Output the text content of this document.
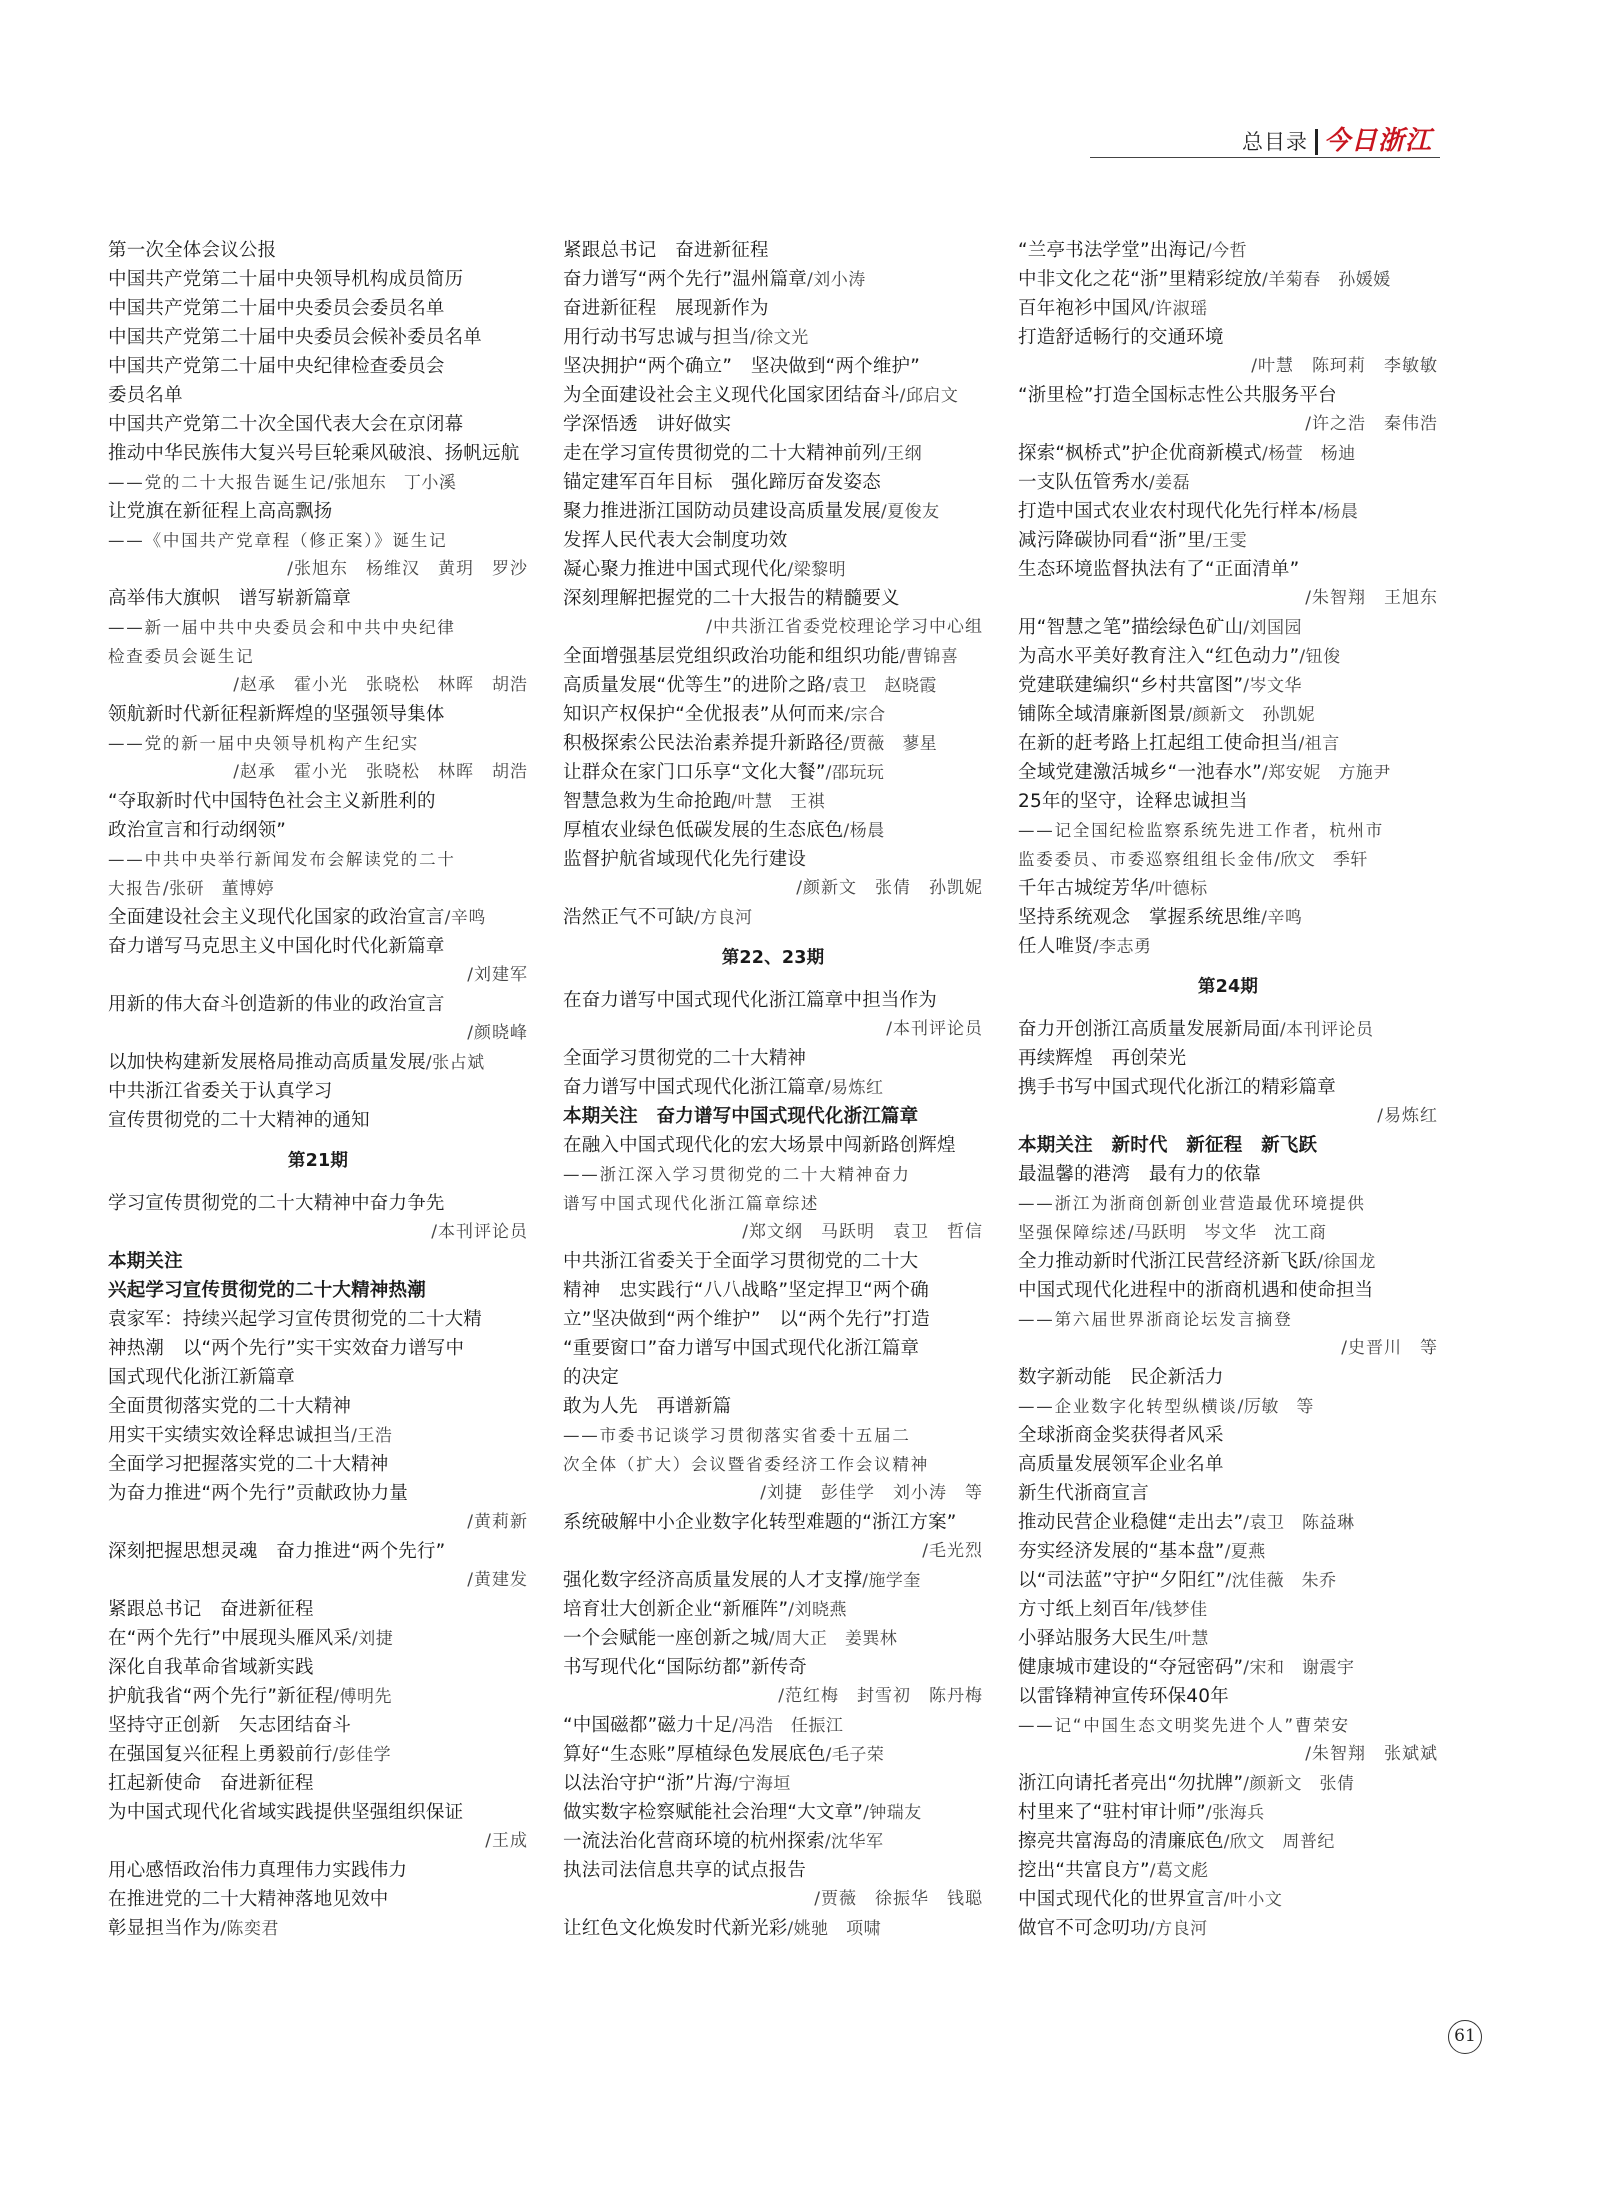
总目录 今日浙江
第一次全体会议公报
中国共产党第二十届中央领导机构成员简历
中国共产党第二十届中央委员会委员名单
中国共产党第二十届中央委员会候补委员名单
中国共产党第二十届中央纪律检查委员会
委员名单
中国共产党第二十次全国代表大会在京闭幕
推动中华民族伟大复兴号巨轮乘风破浪、扬帆远航
——党的二十大报告诞生记/张旭东　丁小溪
让党旗在新征程上高高飘扬
——《中国共产党章程（修正案）》诞生记
/张旭东　杨维汉　黄玥　罗沙
高举伟大旗帜　谱写崭新篇章
——新一届中共中央委员会和中共中央纪律
检查委员会诞生记
/赵承　霍小光　张晓松　林晖　胡浩
领航新时代新征程新辉煌的坚强领导集体
——党的新一届中央领导机构产生纪实
/赵承　霍小光　张晓松　林晖　胡浩
“夺取新时代中国特色社会主义新胜利的
政治宣言和行动纲领”
——中共中央举行新闻发布会解读党的二十
大报告/张研　董博婷
全面建设社会主义现代化国家的政治宣言/辛鸣
奋力谱写马克思主义中国化时代化新篇章
/刘建军
用新的伟大奋斗创造新的伟业的政治宣言
/颜晓峰
以加快构建新发展格局推动高质量发展/张占斌
中共浙江省委关于认真学习
宣传贯彻党的二十大精神的通知
第21期
学习宣传贯彻党的二十大精神中奋力争先
/本刊评论员
本期关注
兴起学习宣传贯彻党的二十大精神热潮
袁家军：持续兴起学习宣传贯彻党的二十大精
神热潮　以“两个先行”实干实效奋力谱写中
国式现代化浙江新篇章
全面贯彻落实党的二十大精神
用实干实绩实效诠释忠诚担当/王浩
全面学习把握落实党的二十大精神
为奋力推进“两个先行”贡献政协力量
/黄莉新
深刻把握思想灵魂　奋力推进“两个先行”
/黄建发
紧跟总书记　奋进新征程
在“两个先行”中展现头雁风采/刘捷
深化自我革命省域新实践
护航我省“两个先行”新征程/傅明先
坚持守正创新　矢志团结奋斗
在强国复兴征程上勇毅前行/彭佳学
扛起新使命　奋进新征程
为中国式现代化省域实践提供坚强组织保证
/王成
用心感悟政治伟力真理伟力实践伟力
在推进党的二十大精神落地见效中
彰显担当作为/陈奕君
紧跟总书记　奋进新征程
奋力谱写“两个先行”温州篇章/刘小涛
奋进新征程　展现新作为
用行动书写忠诚与担当/徐文光
坚决拥护“两个确立”　坚决做到“两个维护”
为全面建设社会主义现代化国家团结奋斗/邱启文
学深悟透　讲好做实
走在学习宣传贯彻党的二十大精神前列/王纲
锚定建军百年目标　强化蹄厉奋发姿态
聚力推进浙江国防动员建设高质量发展/夏俊友
发挥人民代表大会制度功效
凝心聚力推进中国式现代化/梁黎明
深刻理解把握党的二十大报告的精髓要义
/中共浙江省委党校理论学习中心组
全面增强基层党组织政治功能和组织功能/曹锦喜
高质量发展“优等生”的进阶之路/袁卫　赵晓霞
知识产权保护“全优报表”从何而来/宗合
积极探索公民法治素养提升新路径/贾薇　蓼星
让群众在家门口乐享“文化大餐”/邵玩玩
智慧急救为生命抢跑/叶慧　王祺
厚植农业绿色低碳发展的生态底色/杨晨
监督护航省域现代化先行建设
/颜新文　张倩　孙凯妮
浩然正气不可缺/方良河
第22、23期
在奋力谱写中国式现代化浙江篇章中担当作为
/本刊评论员
全面学习贯彻党的二十大精神
奋力谱写中国式现代化浙江篇章/易炼红
本期关注　奋力谱写中国式现代化浙江篇章
在融入中国式现代化的宏大场景中闯新路创辉煌
——浙江深入学习贯彻党的二十大精神奋力
谱写中国式现代化浙江篇章综述
/郑文纲　马跃明　袁卫　哲信
中共浙江省委关于全面学习贯彻党的二十大
精神　忠实践行“八八战略”坚定捍卫“两个确
立”坚决做到“两个维护”　以“两个先行”打造
“重要窗口”奋力谱写中国式现代化浙江篇章
的决定
敢为人先　再谱新篇
——市委书记谈学习贯彻落实省委十五届二
次全体（扩大）会议暨省委经济工作会议精神
/刘捷　彭佳学　刘小涛　等
系统破解中小企业数字化转型难题的“浙江方案”
/毛光烈
强化数字经济高质量发展的人才支撑/施学奎
培育壮大创新企业“新雁阵”/刘晓燕
一个会赋能一座创新之城/周大正　姜巽林
书写现代化“国际纺都”新传奇
/范红梅　封雪初　陈丹梅
“中国磁都”磁力十足/冯浩　任振江
算好“生态账”厚植绿色发展底色/毛子荣
以法治守护“浙”片海/宁海垣
做实数字检察赋能社会治理“大文章”/钟瑞友
一流法治化营商环境的杭州探索/沈华军
执法司法信息共享的试点报告
/贾薇　徐振华　钱聪
让红色文化焕发时代新光彩/姚驰　项啸
“兰亭书法学堂”出海记/今哲
中非文化之花“浙”里精彩绽放/羊菊春　孙媛媛
百年袍衫中国风/许淑瑶
打造舒适畅行的交通环境
/叶慧　陈珂莉　李敏敏
“浙里检”打造全国标志性公共服务平台
/许之浩　秦伟浩
探索“枫桥式”护企优商新模式/杨萱　杨迪
一支队伍管秀水/姜磊
打造中国式农业农村现代化先行样本/杨晨
减污降碳协同看“浙”里/王雯
生态环境监督执法有了“正面清单”
/朱智翔　王旭东
用“智慧之笔”描绘绿色矿山/刘国园
为高水平美好教育注入“红色动力”/钮俊
党建联建编织“乡村共富图”/岑文华
铺陈全域清廉新图景/颜新文　孙凯妮
在新的赶考路上扛起组工使命担当/祖言
全域党建激活城乡“一池春水”/郑安妮　方施尹
25年的坚守，诠释忠诚担当
——记全国纪检监察系统先进工作者，杭州市
监委委员、市委巡察组组长金伟/欣文　季轩
千年古城绽芳华/叶德标
坚持系统观念　掌握系统思维/辛鸣
任人唯贤/李志勇
第24期
奋力开创浙江高质量发展新局面/本刊评论员
再续辉煌　再创荣光
携手书写中国式现代化浙江的精彩篇章
/易炼红
本期关注　新时代　新征程　新飞跃
最温馨的港湾　最有力的依靠
——浙江为浙商创新创业营造最优环境提供
坚强保障综述/马跃明　岑文华　沈工商
全力推动新时代浙江民营经济新飞跃/徐国龙
中国式现代化进程中的浙商机遇和使命担当
——第六届世界浙商论坛发言摘登
/史晋川　等
数字新动能　民企新活力
——企业数字化转型纵横谈/厉敏　等
全球浙商金奖获得者风采
高质量发展领军企业名单
新生代浙商宣言
推动民营企业稳健“走出去”/袁卫　陈益琳
夯实经济发展的“基本盘”/夏燕
以“司法蓝”守护“夕阳红”/沈佳薇　朱乔
方寸纸上刻百年/钱梦佳
小驿站服务大民生/叶慧
健康城市建设的“夺冠密码”/宋和　谢震宇
以雷锋精神宣传环保40年
——记“中国生态文明奖先进个人”曹荣安
/朱智翔　张斌斌
浙江向请托者亮出“勿扰牌”/颜新文　张倩
村里来了“驻村审计师”/张海兵
擦亮共富海岛的清廉底色/欣文　周普纪
挖出“共富良方”/葛文彪
中国式现代化的世界宣言/叶小文
做官不可念叨功/方良河
61
